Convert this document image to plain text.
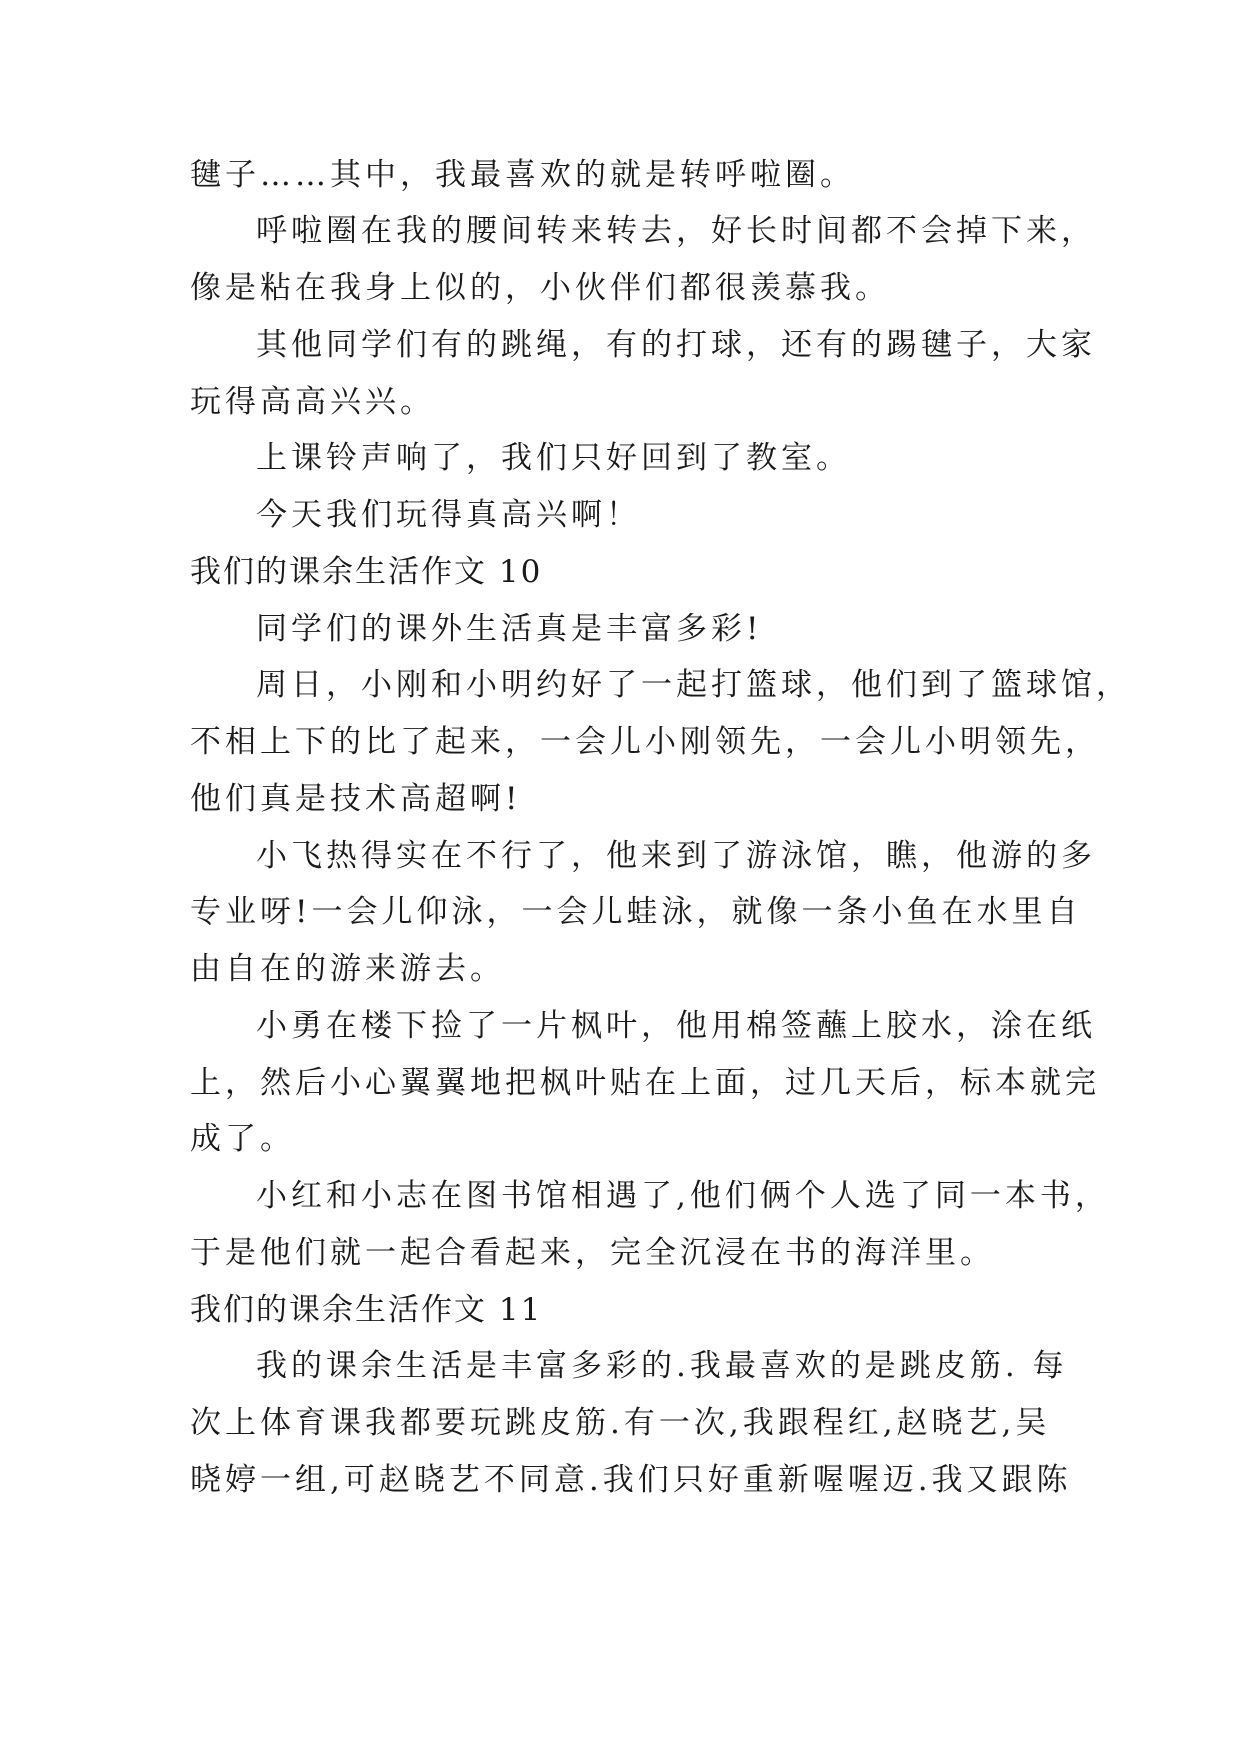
毽子……其中，我最喜欢的就是转呼啦圈。
呼啦圈在我的腰间转来转去，好长时间都不会掉下来，
像是粘在我身上似的，小伙伴们都很羡慕我。
其他同学们有的跳绳，有的打球，还有的踢毽子，大家
玩得高高兴兴。
上课铃声响了，我们只好回到了教室。
今天我们玩得真高兴啊！
我们的课余生活作文 10
同学们的课外生活真是丰富多彩!
周日，小刚和小明约好了一起打篮球，他们到了篮球馆，
不相上下的比了起来，一会儿小刚领先，一会儿小明领先，
他们真是技术高超啊!
小飞热得实在不行了，他来到了游泳馆，瞧，他游的多
专业呀!一会儿仰泳，一会儿蛙泳，就像一条小鱼在水里自
由自在的游来游去。
小勇在楼下捡了一片枫叶，他用棉签蘸上胶水，涂在纸
上，然后小心翼翼地把枫叶贴在上面，过几天后，标本就完
成了。
小红和小志在图书馆相遇了,他们俩个人选了同一本书，
于是他们就一起合看起来，完全沉浸在书的海洋里。
我们的课余生活作文 11
我的课余生活是丰富多彩的.我最喜欢的是跳皮筋. 每
次上体育课我都要玩跳皮筋.有一次,我跟程红,赵晓艺,吴
晓婷一组,可赵晓艺不同意.我们只好重新喔喔迈.我又跟陈
